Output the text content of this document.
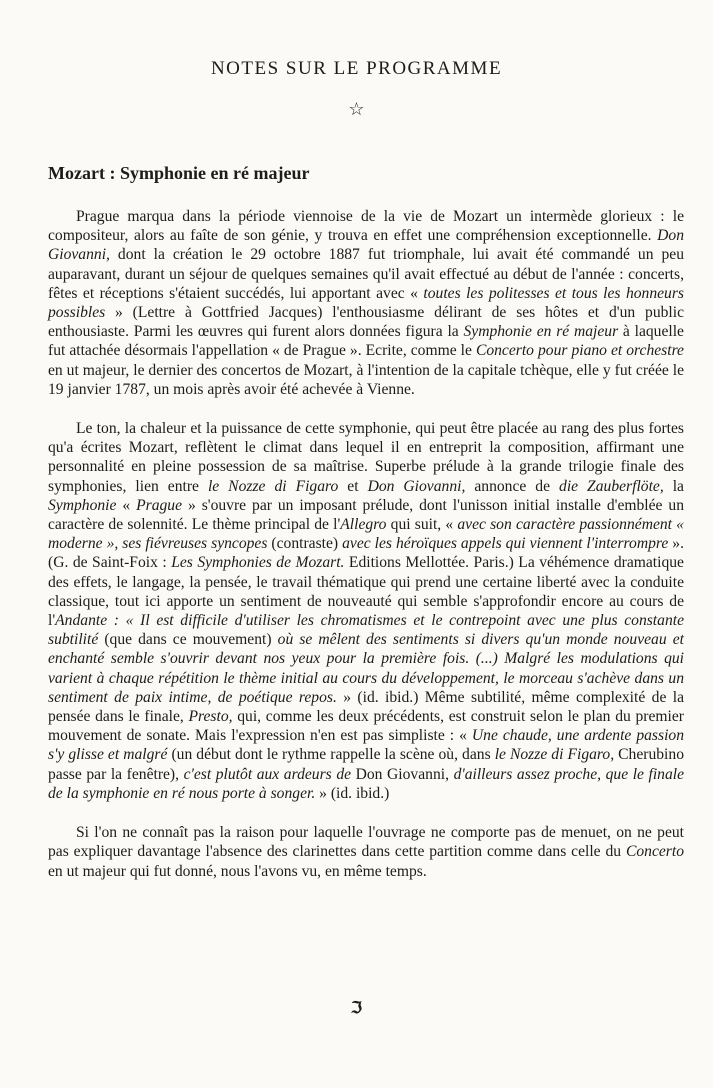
NOTES SUR LE PROGRAMME
☆
Mozart : Symphonie en ré majeur

Prague marqua dans la période viennoise de la vie de Mozart un intermède glorieux : le compositeur, alors au faîte de son génie, y trouva en effet une compréhension exceptionnelle. Don Giovanni, dont la création le 29 octobre 1887 fut triomphale, lui avait été commandé un peu auparavant, durant un séjour de quelques semaines qu'il avait effectué au début de l'année : concerts, fêtes et réceptions s'étaient succédés, lui apportant avec « toutes les politesses et tous les honneurs possibles » (Lettre à Gottfried Jacques) l'enthousiasme délirant de ses hôtes et d'un public enthousiaste. Parmi les œuvres qui furent alors données figura la Symphonie en ré majeur à laquelle fut attachée désormais l'appellation « de Prague ». Ecrite, comme le Concerto pour piano et orchestre en ut majeur, le dernier des concertos de Mozart, à l'intention de la capitale tchèque, elle y fut créée le 19 janvier 1787, un mois après avoir été achevée à Vienne.

Le ton, la chaleur et la puissance de cette symphonie, qui peut être placée au rang des plus fortes qu'a écrites Mozart, reflètent le climat dans lequel il en entreprit la composition, affirmant une personnalité en pleine possession de sa maîtrise. Superbe prélude à la grande trilogie finale des symphonies, lien entre le Nozze di Figaro et Don Giovanni, annonce de die Zauberflöte, la Symphonie « Prague » s'ouvre par un imposant prélude, dont l'unisson initial installe d'emblée un caractère de solennité. Le thème principal de l'Allegro qui suit, « avec son caractère passionnément « moderne », ses fiévreuses syncopes (contraste) avec les héroïques appels qui viennent l'interrompre ». (G. de Saint-Foix : Les Symphonies de Mozart. Editions Mellottée. Paris.) La véhémence dramatique des effets, le langage, la pensée, le travail thématique qui prend une certaine liberté avec la conduite classique, tout ici apporte un sentiment de nouveauté qui semble s'approfondir encore au cours de l'Andante : « Il est difficile d'utiliser les chromatismes et le contrepoint avec une plus constante subtilité (que dans ce mouvement) où se mêlent des sentiments si divers qu'un monde nouveau et enchanté semble s'ouvrir devant nos yeux pour la première fois. (...) Malgré les modulations qui varient à chaque répétition le thème initial au cours du développement, le morceau s'achève dans un sentiment de paix intime, de poétique repos. » (id. ibid.) Même subtilité, même complexité de la pensée dans le finale, Presto, qui, comme les deux précédents, est construit selon le plan du premier mouvement de sonate. Mais l'expression n'en est pas simpliste : « Une chaude, une ardente passion s'y glisse et malgré (un début dont le rythme rappelle la scène où, dans le Nozze di Figaro, Cherubino passe par la fenêtre), c'est plutôt aux ardeurs de Don Giovanni, d'ailleurs assez proche, que le finale de la symphonie en ré nous porte à songer. » (id. ibid.)

Si l'on ne connaît pas la raison pour laquelle l'ouvrage ne comporte pas de menuet, on ne peut pas expliquer davantage l'absence des clarinettes dans cette partition comme dans celle du Concerto en ut majeur qui fut donné, nous l'avons vu, en même temps.

ℑ
